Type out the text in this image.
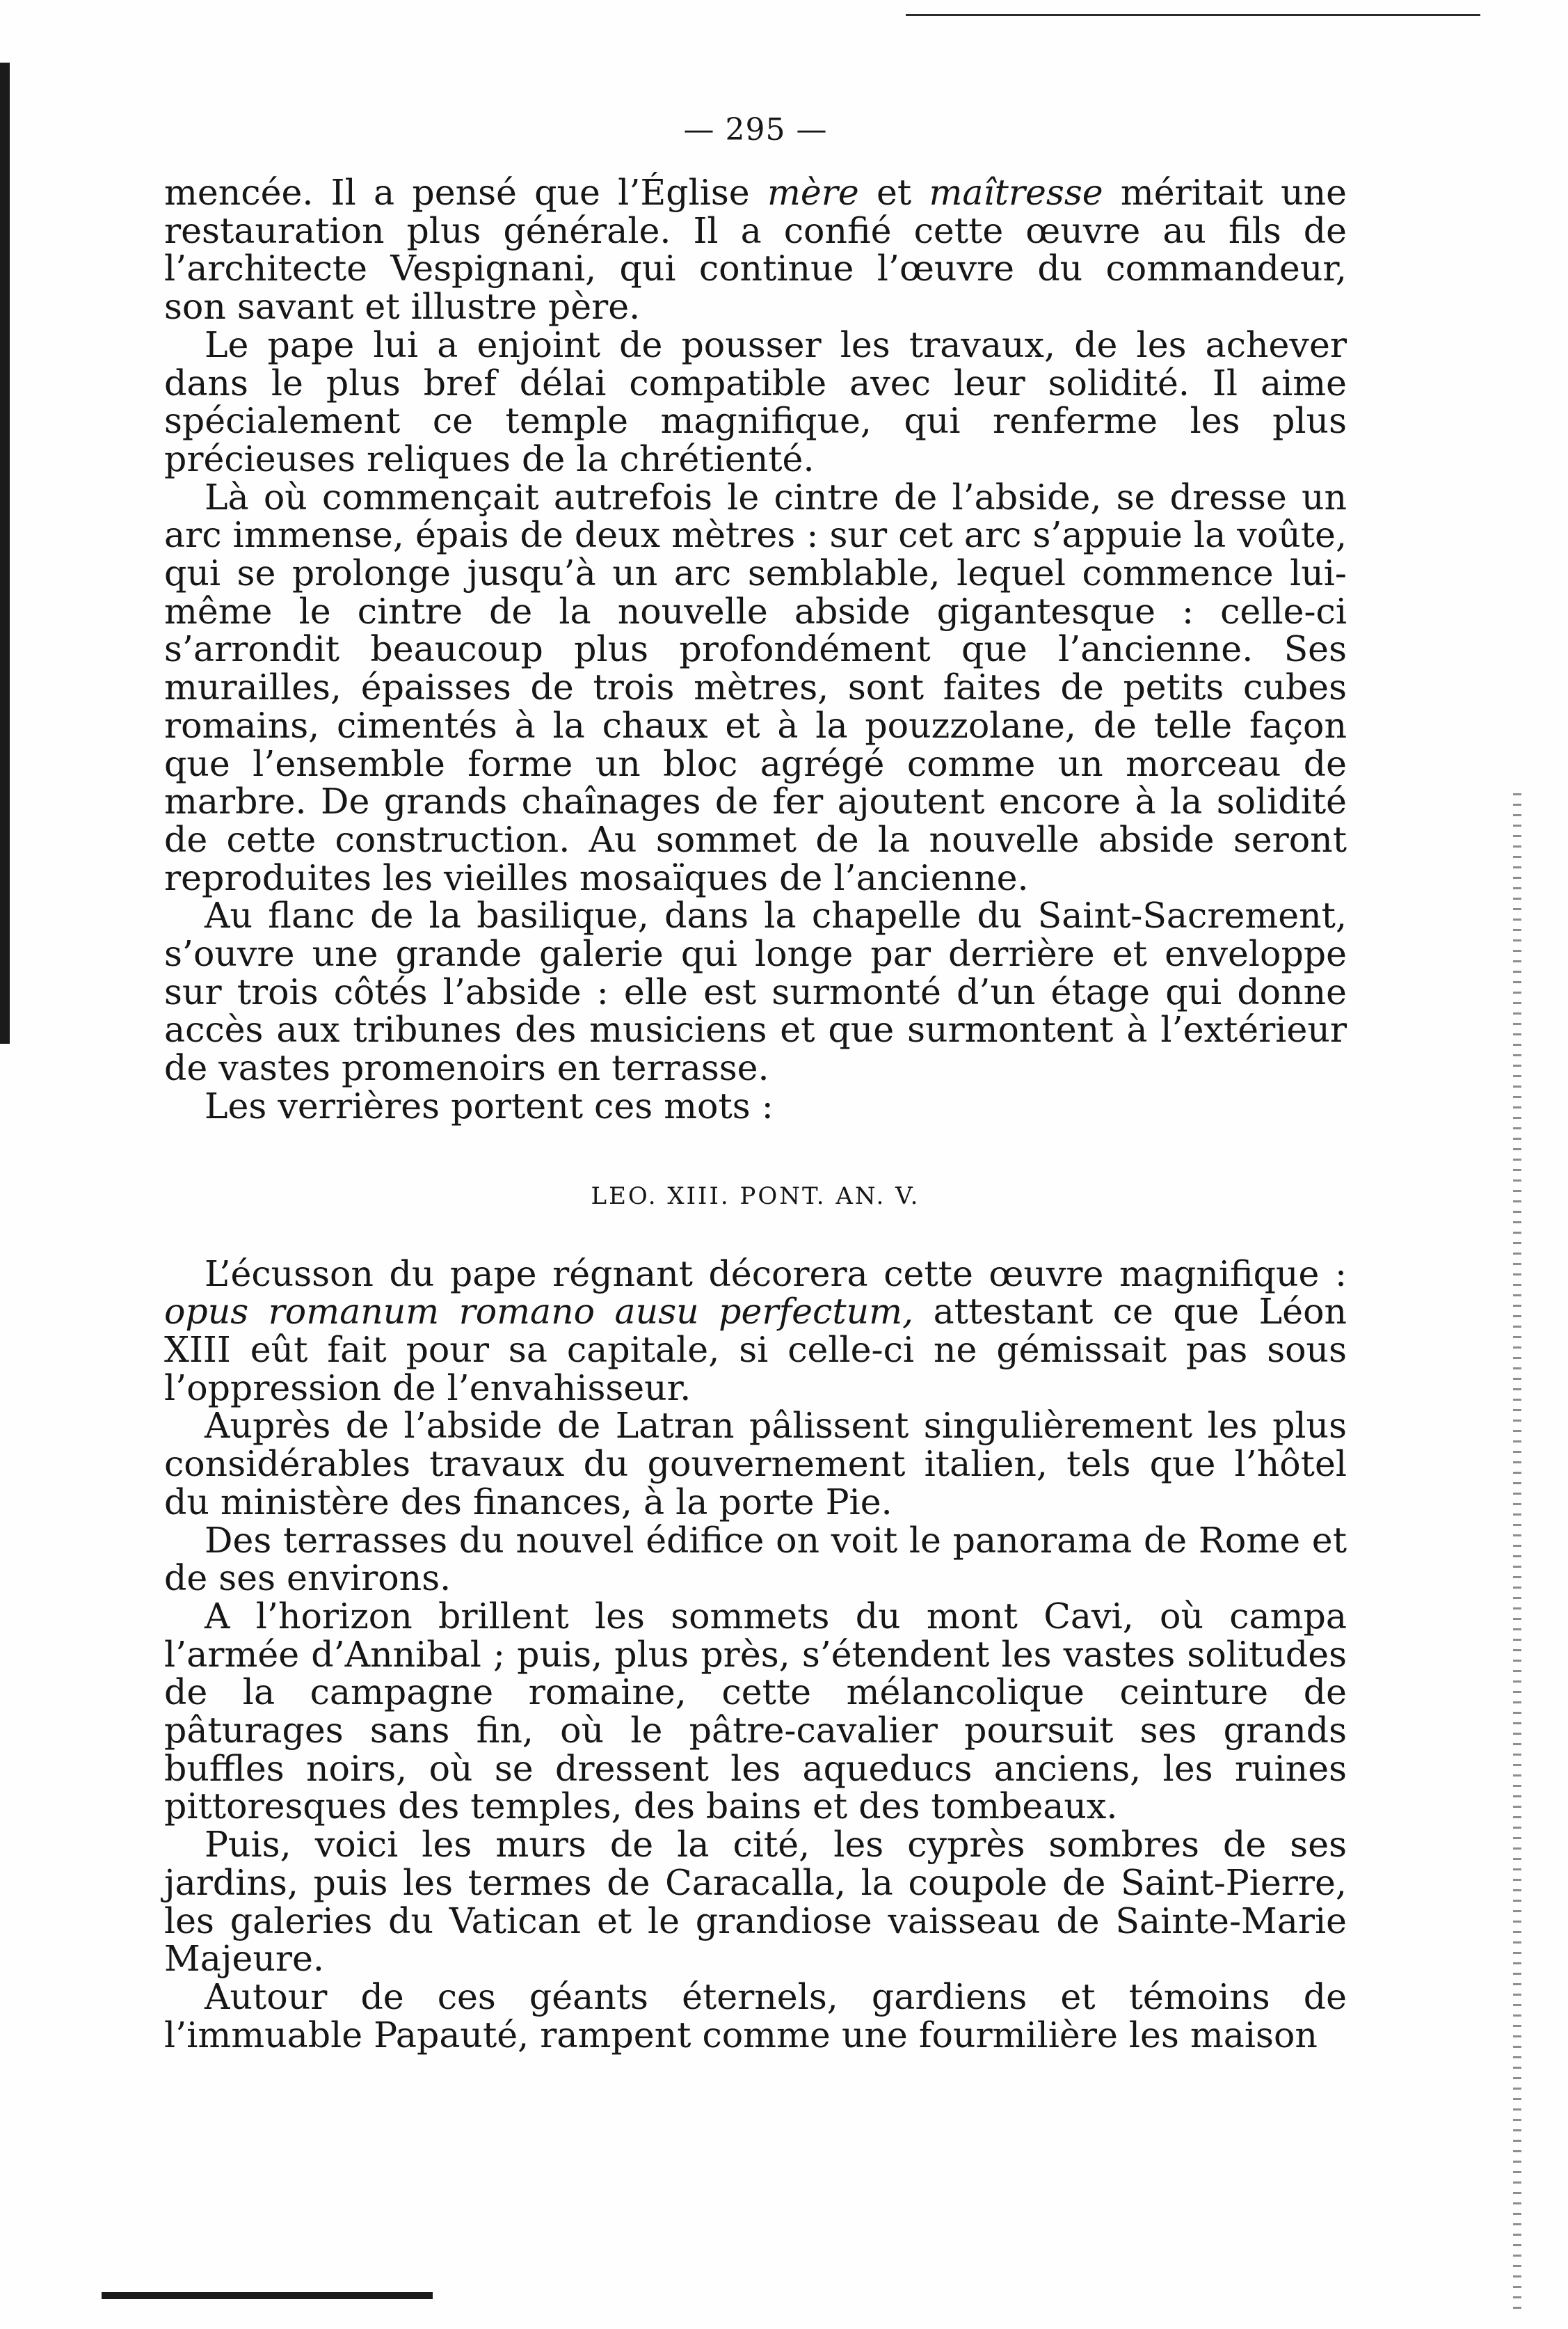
— 295 —

mencée. Il a pensé que l’Église mère et maîtresse méritait une restauration plus générale. Il a confié cette œuvre au fils de l’architecte Vespignani, qui continue l’œuvre du commandeur, son savant et illustre père.

Le pape lui a enjoint de pousser les travaux, de les achever dans le plus bref délai compatible avec leur solidité. Il aime spécialement ce temple magnifique, qui renferme les plus précieuses reliques de la chrétienté.

Là où commençait autrefois le cintre de l’abside, se dresse un arc immense, épais de deux mètres : sur cet arc s’appuie la voûte, qui se prolonge jusqu’à un arc semblable, lequel commence lui-même le cintre de la nouvelle abside gigantesque : celle-ci s’arrondit beaucoup plus profondément que l’ancienne. Ses murailles, épaisses de trois mètres, sont faites de petits cubes romains, cimentés à la chaux et à la pouzzolane, de telle façon que l’ensemble forme un bloc agrégé comme un morceau de marbre. De grands chaînages de fer ajoutent encore à la solidité de cette construction. Au sommet de la nouvelle abside seront reproduites les vieilles mosaïques de l’ancienne.

Au flanc de la basilique, dans la chapelle du Saint-Sacrement, s’ouvre une grande galerie qui longe par derrière et enveloppe sur trois côtés l’abside : elle est surmonté d’un étage qui donne accès aux tribunes des musiciens et que surmontent à l’extérieur de vastes promenoirs en terrasse.

Les verrières portent ces mots :

LEO. XIII. PONT. AN. V.

L’écusson du pape régnant décorera cette œuvre magnifique : opus romanum romano ausu perfectum, attestant ce que Léon XIII eût fait pour sa capitale, si celle-ci ne gémissait pas sous l’oppression de l’envahisseur.

Auprès de l’abside de Latran pâlissent singulièrement les plus considérables travaux du gouvernement italien, tels que l’hôtel du ministère des finances, à la porte Pie.

Des terrasses du nouvel édifice on voit le panorama de Rome et de ses environs.

A l’horizon brillent les sommets du mont Cavi, où campa l’armée d’Annibal ; puis, plus près, s’étendent les vastes solitudes de la campagne romaine, cette mélancolique ceinture de pâturages sans fin, où le pâtre-cavalier poursuit ses grands buffles noirs, où se dressent les aqueducs anciens, les ruines pittoresques des temples, des bains et des tombeaux.

Puis, voici les murs de la cité, les cyprès sombres de ses jardins, puis les termes de Caracalla, la coupole de Saint-Pierre, les galeries du Vatican et le grandiose vaisseau de Sainte-Marie Majeure.

Autour de ces géants éternels, gardiens et témoins de l’immuable Papauté, rampent comme une fourmilière les maison
